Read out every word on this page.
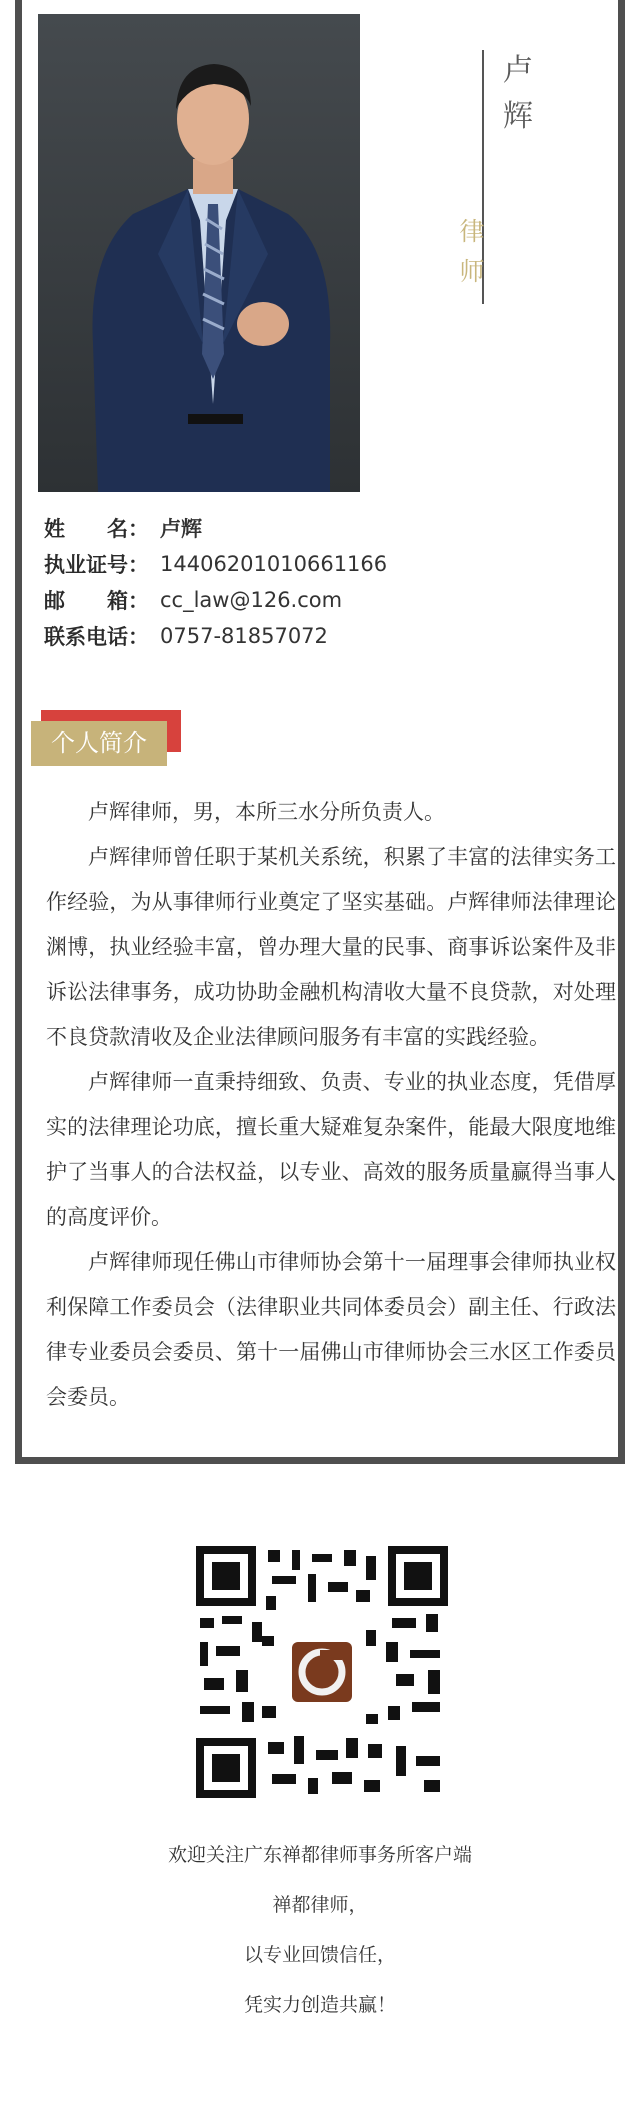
卢
辉
律
师
姓　　名： 卢辉
执业证号： 14406201010661166
邮　　箱： cc_law@126.com
联系电话： 0757-81857072
个人简介

卢辉律师，男，本所三水分所负责人。

卢辉律师曾任职于某机关系统，积累了丰富的法律实务工作经验，为从事律师行业奠定了坚实基础。卢辉律师法律理论渊博，执业经验丰富，曾办理大量的民事、商事诉讼案件及非诉讼法律事务，成功协助金融机构清收大量不良贷款，对处理不良贷款清收及企业法律顾问服务有丰富的实践经验。

卢辉律师一直秉持细致、负责、专业的执业态度，凭借厚实的法律理论功底，擅长重大疑难复杂案件，能最大限度地维护了当事人的合法权益，以专业、高效的服务质量赢得当事人的高度评价。

卢辉律师现任佛山市律师协会第十一届理事会律师执业权利保障工作委员会（法律职业共同体委员会）副主任、行政法律专业委员会委员、第十一届佛山市律师协会三水区工作委员会委员。

欢迎关注广东禅都律师事务所客户端
禅都律师，
以专业回馈信任，
凭实力创造共赢！
